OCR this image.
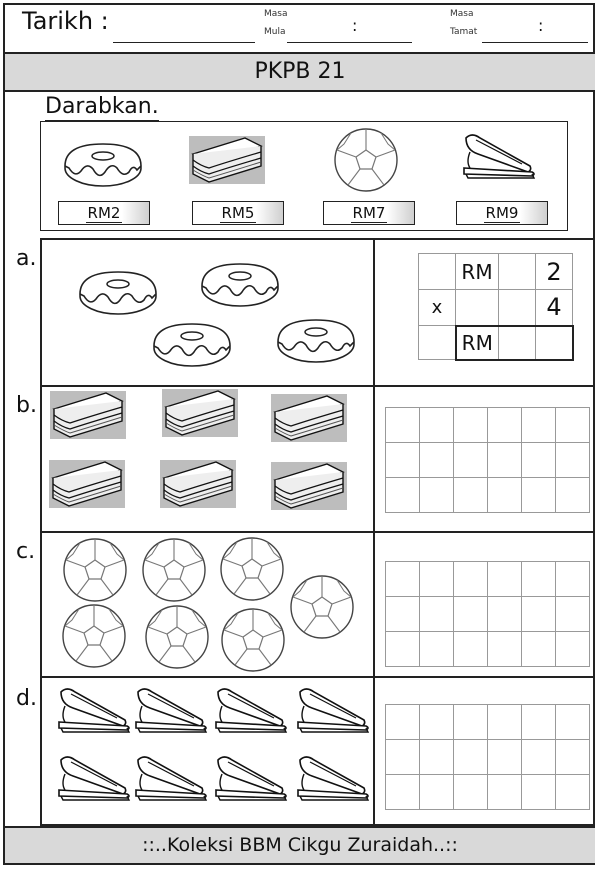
Tarikh :	Masa
Mula	:
Masa
Tamat	:
PKPB 21
Darabkan.
RM2	RM5	RM7	RM9
a.
b.
c.
d.
	RM		2
x			4
	RM		

::..Koleksi BBM Cikgu Zuraidah..::
